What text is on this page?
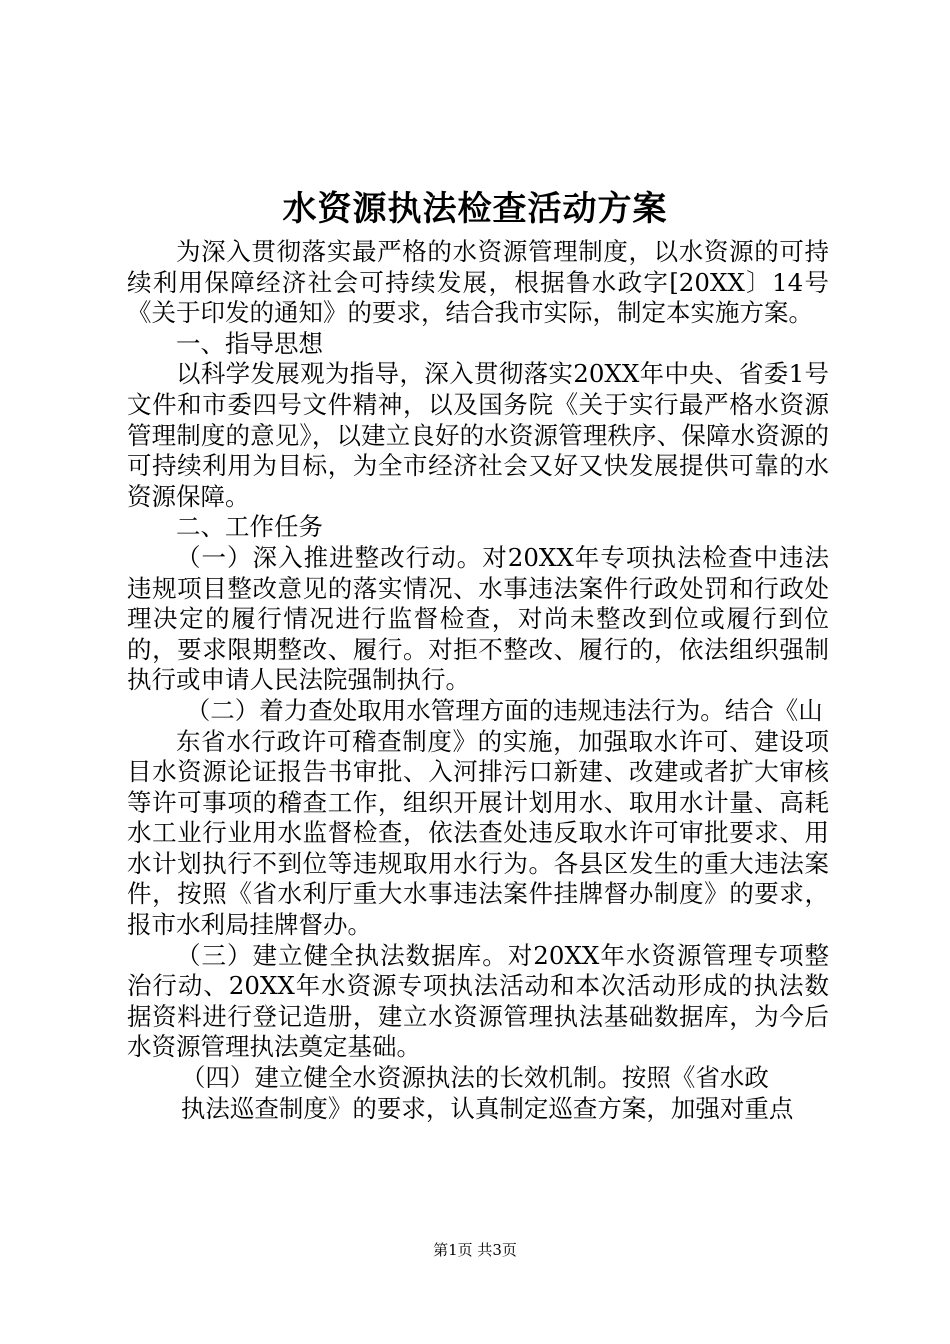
水资源执法检查活动方案

为深入贯彻落实最严格的水资源管理制度，以水资源的可持续利用保障经济社会可持续发展，根据鲁水政字[20XX〕14号《关于印发的通知》的要求，结合我市实际，制定本实施方案。

一、指导思想

以科学发展观为指导，深入贯彻落实20XX年中央、省委1号文件和市委四号文件精神，以及国务院《关于实行最严格水资源管理制度的意见》，以建立良好的水资源管理秩序、保障水资源的可持续利用为目标，为全市经济社会又好又快发展提供可靠的水资源保障。

二、工作任务

（一）深入推进整改行动。对20XX年专项执法检查中违法违规项目整改意见的落实情况、水事违法案件行政处罚和行政处理决定的履行情况进行监督检查，对尚未整改到位或履行到位的，要求限期整改、履行。对拒不整改、履行的，依法组织强制执行或申请人民法院强制执行。

（二）着力查处取用水管理方面的违规违法行为。结合《山

东省水行政许可稽查制度》的实施，加强取水许可、建设项目水资源论证报告书审批、入河排污口新建、改建或者扩大审核等许可事项的稽查工作，组织开展计划用水、取用水计量、高耗水工业行业用水监督检查，依法查处违反取水许可审批要求、用水计划执行不到位等违规取用水行为。各县区发生的重大违法案件，按照《省水利厅重大水事违法案件挂牌督办制度》的要求，报市水利局挂牌督办。

（三）建立健全执法数据库。对20XX年水资源管理专项整治行动、20XX年水资源专项执法活动和本次活动形成的执法数据资料进行登记造册，建立水资源管理执法基础数据库，为今后水资源管理执法奠定基础。

（四）建立健全水资源执法的长效机制。按照《省水政

执法巡查制度》的要求，认真制定巡查方案，加强对重点

第1页 共3页
